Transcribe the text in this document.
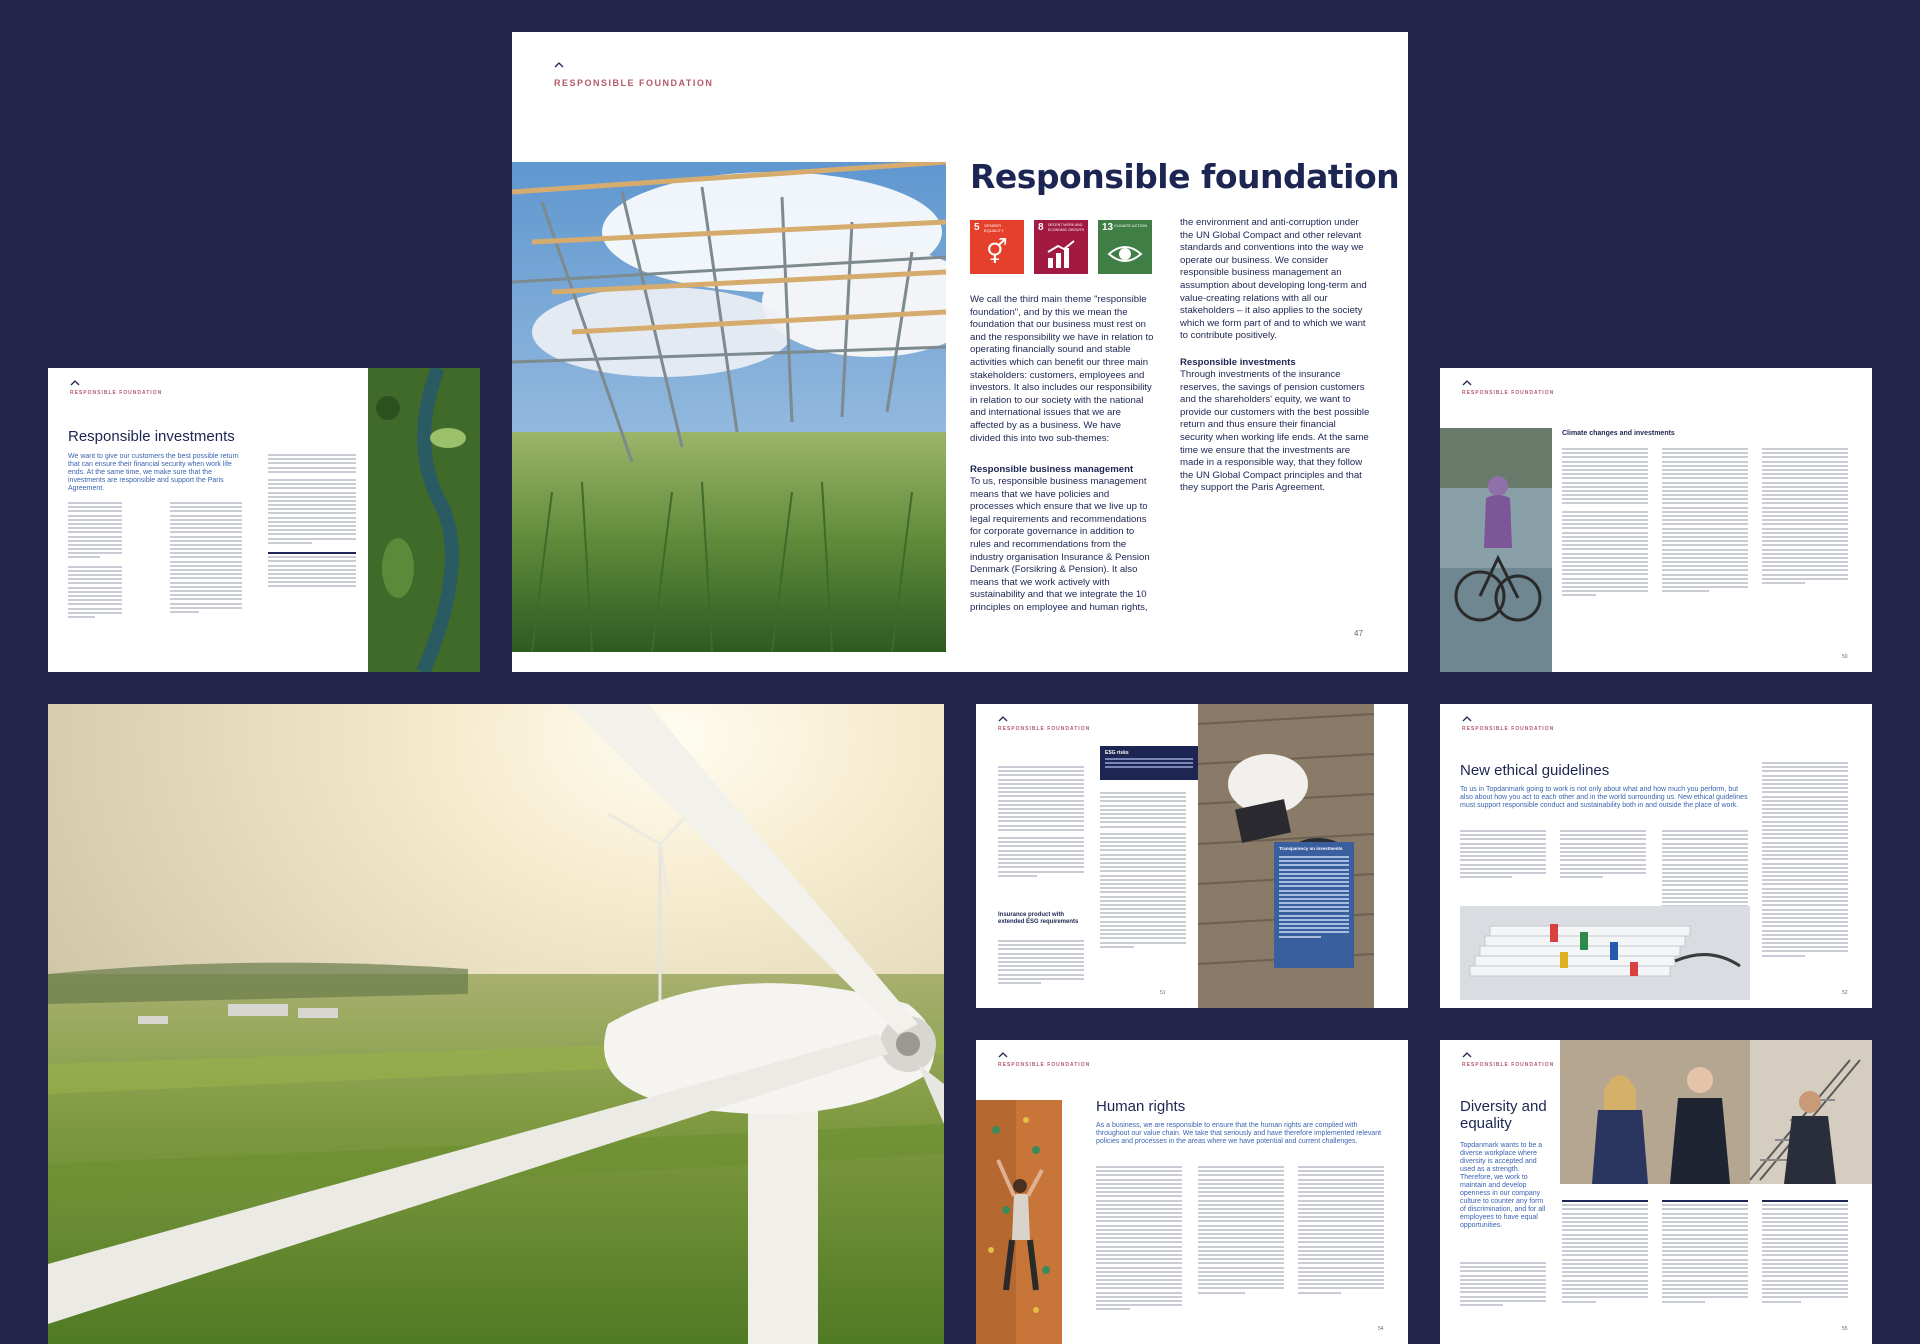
RESPONSIBLE FOUNDATION
Responsible foundation
5 GENDER EQUALITY
⚥
8 DECENT WORK AND ECONOMIC GROWTH 13 CLIMATE ACTION
We call the third main theme "responsible foundation", and by this we mean the foundation that our business must rest on and the responsibility we have in relation to operating financially sound and stable activities which can benefit our three main stakeholders: customers, employees and investors. It also includes our responsibility in relation to our society with the national and international issues that we are affected by as a business. We have divided this into two sub-themes:
Responsible business management
To us, responsible business management means that we have policies and processes which ensure that we live up to legal requirements and recommendations for corporate governance in addition to rules and recommendations from the industry organisation Insurance & Pension Denmark (Forsikring & Pension). It also means that we work actively with sustainability and that we integrate the 10 principles on employee and human rights,
the environment and anti-corruption under the UN Global Compact and other relevant standards and conventions into the way we operate our business. We consider responsible business management an assumption about developing long-term and value-creating relations with all our stakeholders – it also applies to the society which we form part of and to which we want to contribute positively.
Responsible investments
Through investments of the insurance reserves, the savings of pension customers and the shareholders' equity, we want to provide our customers with the best possible return and thus ensure their financial security when working life ends. At the same time we ensure that the investments are made in a responsible way, that they follow the UN Global Compact principles and that they support the Paris Agreement.
47
RESPONSIBLE FOUNDATION
Responsible investments
We want to give our customers the best possible return that can ensure their financial security when work life ends. At the same time, we make sure that the investments are responsible and support the Paris Agreement.
RESPONSIBLE FOUNDATION
Climate changes and investments
50
RESPONSIBLE FOUNDATION
Insurance product with extended ESG requirements
ESG risks
Transparency on investments
51
RESPONSIBLE FOUNDATION
New ethical guidelines
To us in Topdanmark going to work is not only about what and how much you perform, but also about how you act to each other and in the world surrounding us. New ethical guidelines must support responsible conduct and sustainability both in and outside the place of work.
52
RESPONSIBLE FOUNDATION
Human rights
As a business, we are responsible to ensure that the human rights are complied with throughout our value chain. We take that seriously and have therefore implemented relevant policies and processes in the areas where we have potential and current challenges.
54
RESPONSIBLE FOUNDATION
Diversity and equality
Topdanmark wants to be a diverse workplace where diversity is accepted and used as a strength. Therefore, we work to maintain and develop openness in our company culture to counter any form of discrimination, and for all employees to have equal opportunities.
55
